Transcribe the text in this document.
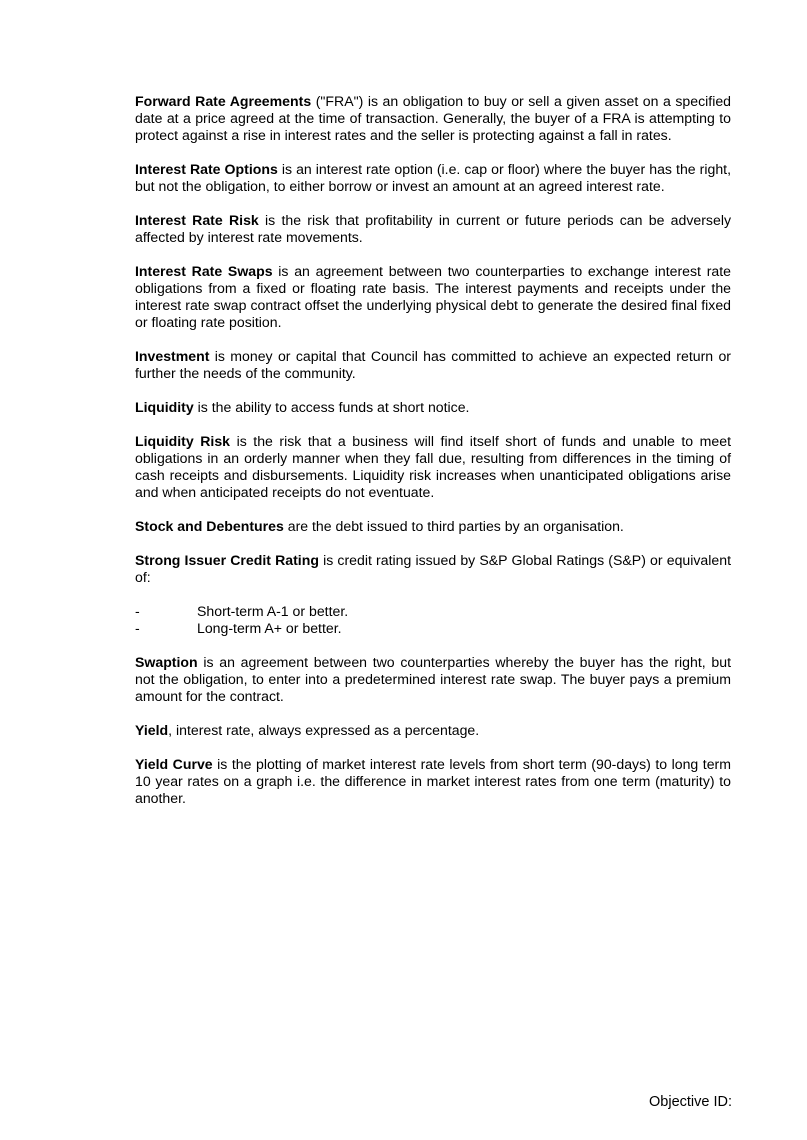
Forward Rate Agreements ("FRA") is an obligation to buy or sell a given asset on a specified date at a price agreed at the time of transaction. Generally, the buyer of a FRA is attempting to protect against a rise in interest rates and the seller is protecting against a fall in rates.

Interest Rate Options is an interest rate option (i.e. cap or floor) where the buyer has the right, but not the obligation, to either borrow or invest an amount at an agreed interest rate.

Interest Rate Risk is the risk that profitability in current or future periods can be adversely affected by interest rate movements.

Interest Rate Swaps is an agreement between two counterparties to exchange interest rate obligations from a fixed or floating rate basis. The interest payments and receipts under the interest rate swap contract offset the underlying physical debt to generate the desired final fixed or floating rate position.

Investment is money or capital that Council has committed to achieve an expected return or further the needs of the community.

Liquidity is the ability to access funds at short notice.

Liquidity Risk is the risk that a business will find itself short of funds and unable to meet obligations in an orderly manner when they fall due, resulting from differences in the timing of cash receipts and disbursements. Liquidity risk increases when unanticipated obligations arise and when anticipated receipts do not eventuate.

Stock and Debentures are the debt issued to third parties by an organisation.

Strong Issuer Credit Rating is credit rating issued by S&P Global Ratings (S&P) or equivalent of:

-	Short-term A-1 or better.
-	Long-term A+ or better.

Swaption is an agreement between two counterparties whereby the buyer has the right, but not the obligation, to enter into a predetermined interest rate swap. The buyer pays a premium amount for the contract.

Yield, interest rate, always expressed as a percentage.

Yield Curve is the plotting of market interest rate levels from short term (90-days) to long term 10 year rates on a graph i.e. the difference in market interest rates from one term (maturity) to another.

Objective ID:
